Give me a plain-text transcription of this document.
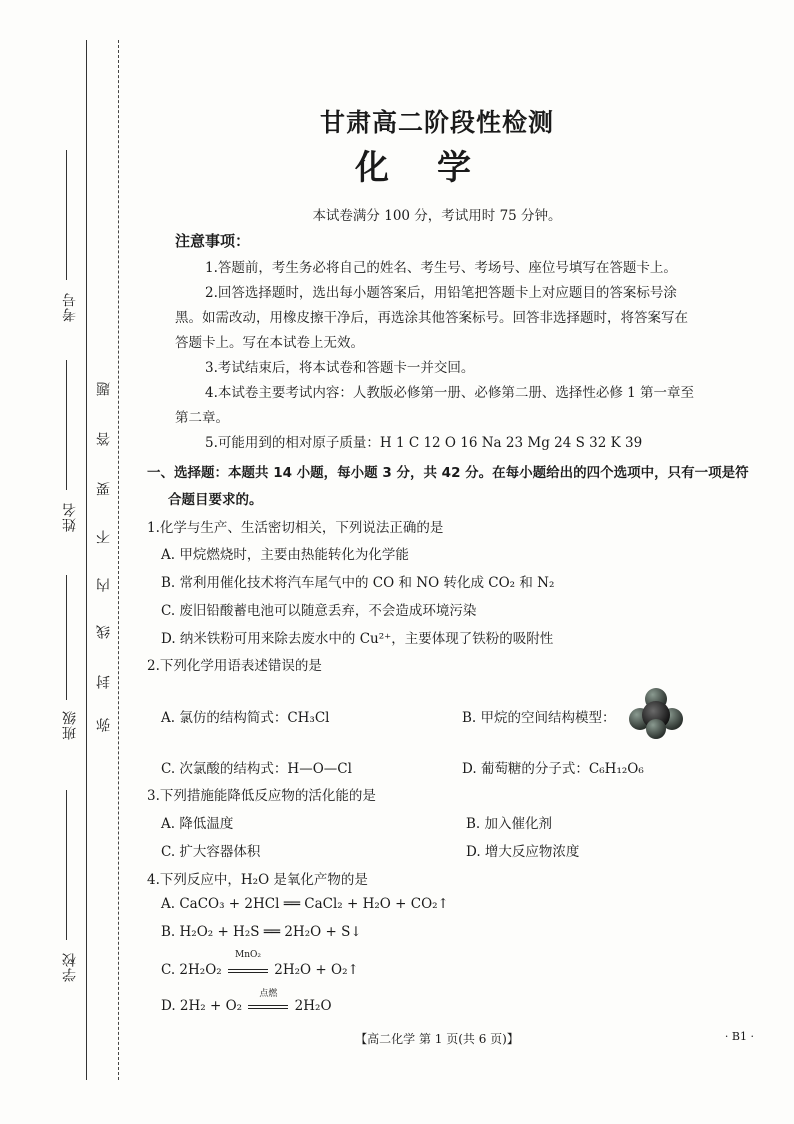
考号
姓名
班级
学校
题
答
要
不
内
线
封
弥
甘肃高二阶段性检测
化学
本试卷满分 100 分，考试用时 75 分钟。
注意事项：
1.答题前，考生务必将自己的姓名、考生号、考场号、座位号填写在答题卡上。
2.回答选择题时，选出每小题答案后，用铅笔把答题卡上对应题目的答案标号涂
黑。如需改动，用橡皮擦干净后，再选涂其他答案标号。回答非选择题时，将答案写在
答题卡上。写在本试卷上无效。
3.考试结束后，将本试卷和答题卡一并交回。
4.本试卷主要考试内容：人教版必修第一册、必修第二册、选择性必修 1 第一章至
第二章。
5.可能用到的相对原子质量：H 1 C 12 O 16 Na 23 Mg 24 S 32 K 39
一、选择题：本题共 14 小题，每小题 3 分，共 42 分。在每小题给出的四个选项中，只有一项是符
合题目要求的。
1.化学与生产、生活密切相关，下列说法正确的是
A. 甲烷燃烧时，主要由热能转化为化学能
B. 常利用催化技术将汽车尾气中的 CO 和 NO 转化成 CO₂ 和 N₂
C. 废旧铅酸蓄电池可以随意丢弃，不会造成环境污染
D. 纳米铁粉可用来除去废水中的 Cu²⁺，主要体现了铁粉的吸附性
2.下列化学用语表述错误的是
A. 氯仿的结构简式：CH₃Cl	B. 甲烷的空间结构模型：
C. 次氯酸的结构式：H—O—Cl	D. 葡萄糖的分子式：C₆H₁₂O₆
3.下列措施能降低反应物的活化能的是
A. 降低温度	B. 加入催化剂
C. 扩大容器体积	D. 增大反应物浓度
4.下列反应中，H₂O 是氧化产物的是
A. CaCO₃ + 2HCl ══ CaCl₂ + H₂O + CO₂↑
B. H₂O₂ + H₂S ══ 2H₂O + S↓
C. 2H₂O₂
MnO₂
2H₂O + O₂↑
D. 2H₂ + O₂
点燃
2H₂O
【高二化学 第 1 页(共 6 页)】	· B1 ·
